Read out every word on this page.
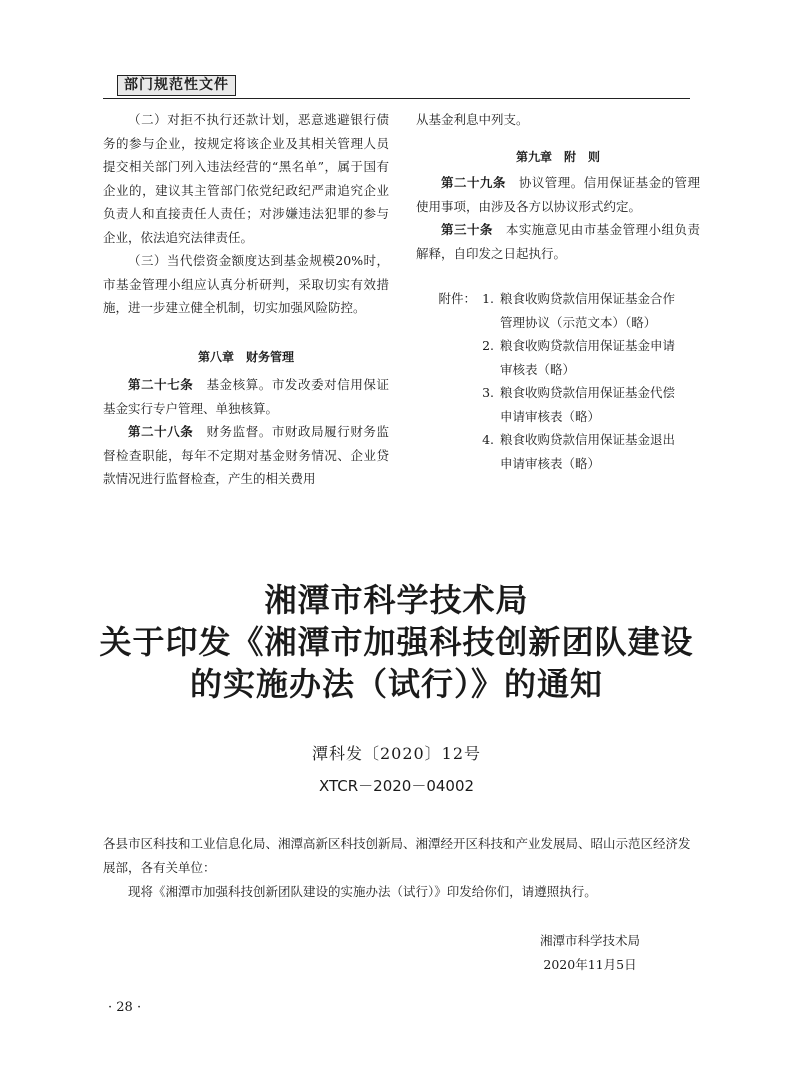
部门规范性文件

（二）对拒不执行还款计划，恶意逃避银行债务的参与企业，按规定将该企业及其相关管理人员提交相关部门列入违法经营的“黑名单”，属于国有企业的，建议其主管部门依党纪政纪严肃追究企业负责人和直接责任人责任；对涉嫌违法犯罪的参与企业，依法追究法律责任。

（三）当代偿资金额度达到基金规模20%时，市基金管理小组应认真分析研判，采取切实有效措施，进一步建立健全机制，切实加强风险防控。

第八章　财务管理

第二十七条　基金核算。市发改委对信用保证基金实行专户管理、单独核算。

第二十八条　财务监督。市财政局履行财务监督检查职能，每年不定期对基金财务情况、企业贷款情况进行监督检查，产生的相关费用

从基金利息中列支。

第九章　附　则

第二十九条　协议管理。信用保证基金的管理使用事项，由涉及各方以协议形式约定。

第三十条　本实施意见由市基金管理小组负责解释，自印发之日起执行。

附件： 1. 粮食收购贷款信用保证基金合作
管理协议（示范文本）（略）
2. 粮食收购贷款信用保证基金申请
审核表（略）
3. 粮食收购贷款信用保证基金代偿
申请审核表（略）
4. 粮食收购贷款信用保证基金退出
申请审核表（略）
湘潭市科学技术局
关于印发《湘潭市加强科技创新团队建设
的实施办法（试行）》的通知
潭科发〔2020〕12号
XTCR－2020－04002

各县市区科技和工业信息化局、湘潭高新区科技创新局、湘潭经开区科技和产业发展局、昭山示范区经济发展部，各有关单位：

现将《湘潭市加强科技创新团队建设的实施办法（试行）》印发给你们，请遵照执行。

湘潭市科学技术局
2020年11月5日
· 28 ·
